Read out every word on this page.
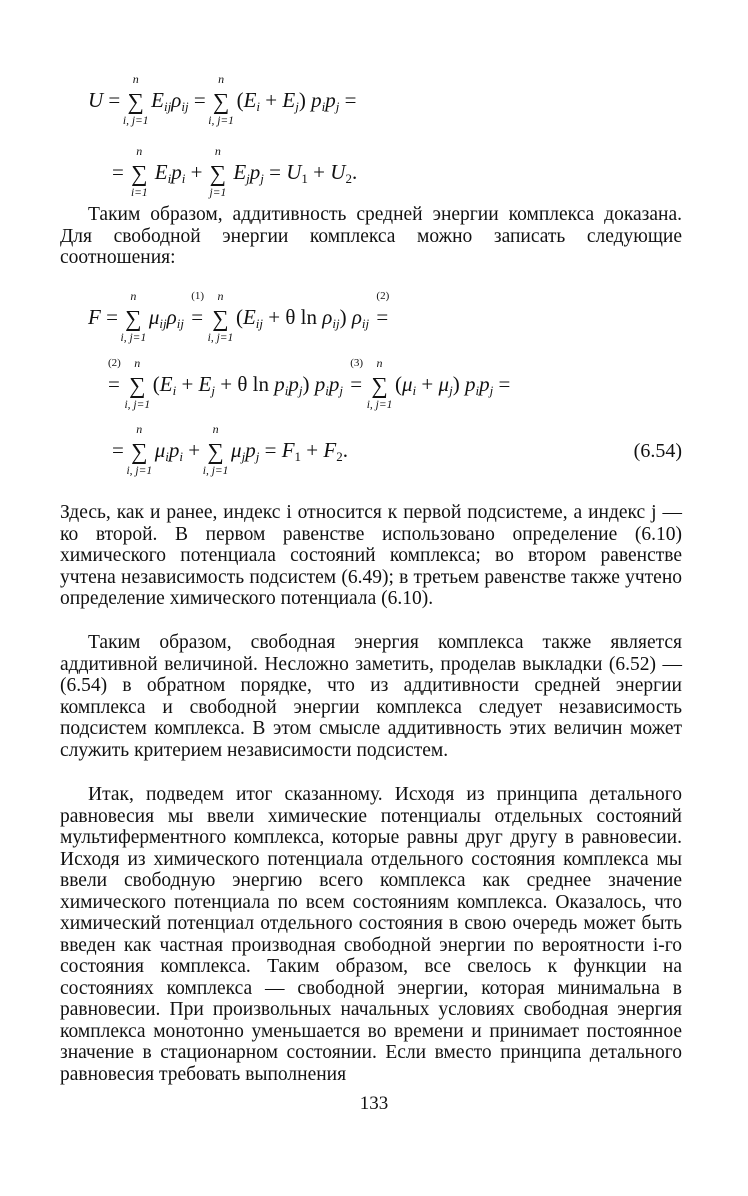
U =
n
∑
i, j=1
$E_{ij}\rho_{ij}$ =
n
∑
i, j=1
$(E_i + E_j) p_ip_j$ =
=
n
∑
i=1
$E_ip_i$ +
n
∑
j=1
$E_jp_j = U_1 + U_2$.

Таким образом, аддитивность средней энергии комплекса доказана. Для свободной энергии комплекса можно записать следующие соотношения:

F =
n
∑
i, j=1
$\mu_{ij}\rho_{ij}$
(1)
=
n
∑
i, j=1
($E_{ij} + \theta$ $\ln \rho_{ij}$) $\rho_{ij}$
(2)
=
(2)
=
n
∑
i, j=1
($E_i + E_j + \theta$ $\ln p_ip_j$) $p_ip_j$
(3)
=
n
∑
i, j=1
$(\mu_i + \mu_j) p_ip_j$ =
=
n
∑
i, j=1
$\mu_ip_i$ +
n
∑
i, j=1
$\mu_jp_j = F_1 + F_2$.	(6.54)

Здесь, как и ранее, индекс i относится к первой подсистеме, а индекс j — ко второй. В первом равенстве использовано определение (6.10) химического потенциала состояний комплекса; во втором равенстве учтена независимость подсистем (6.49); в третьем равенстве также учтено определение химического потенциала (6.10).

Таким образом, свободная энергия комплекса также является аддитивной величиной. Несложно заметить, проделав выкладки (6.52) — (6.54) в обратном порядке, что из аддитивности средней энергии комплекса и свободной энергии комплекса следует независимость подсистем комплекса. В этом смысле аддитивность этих величин может служить критерием независимости подсистем.

Итак, подведем итог сказанному. Исходя из принципа детального равновесия мы ввели химические потенциалы отдельных состояний мультиферментного комплекса, которые равны друг другу в равновесии. Исходя из химического потенциала отдельного состояния комплекса мы ввели свободную энергию всего комплекса как среднее значение химического потенциала по всем состояниям комплекса. Оказалось, что химический потенциал отдельного состояния в свою очередь может быть введен как частная производная свободной энергии по вероятности i-го состояния комплекса. Таким образом, все свелось к функции на состояниях комплекса — свободной энергии, которая минимальна в равновесии. При произвольных начальных условиях свободная энергия комплекса монотонно уменьшается во времени и принимает постоянное значение в стационарном состоянии. Если вместо принципа детального равновесия требовать выполнения

133
